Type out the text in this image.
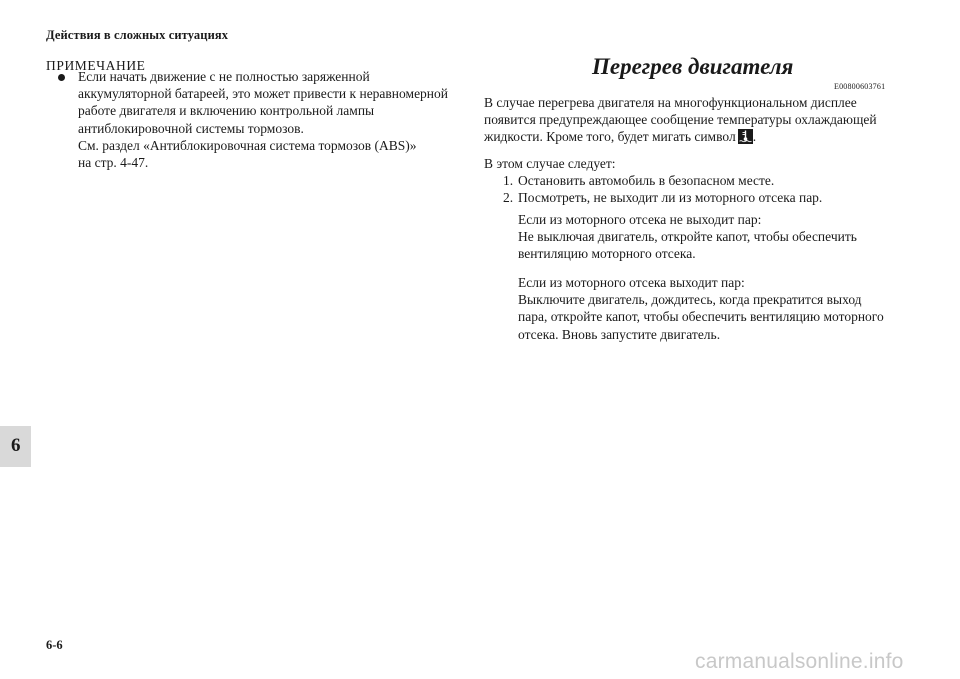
Действия в сложных ситуациях
6
ПРИМЕЧАНИЕ
Если начать движение с не полностью заряженной
аккумуляторной батареей, это может привести к неравномерной
работе двигателя и включению контрольной лампы
антиблокировочной системы тормозов.
См. раздел «Антиблокировочная система тормозов (ABS)»
на стр. 4-47.
Перегрев двигателя
E00800603761
В случае перегрева двигателя на многофункциональном дисплее
появится предупреждающее сообщение температуры охлаждающей
жидкости. Кроме того, будет мигать символ .
В этом случае следует:
1. Остановить автомобиль в безопасном месте.
2. Посмотреть, не выходит ли из моторного отсека пар.
Если из моторного отсека не выходит пар:
Не выключая двигатель, откройте капот, чтобы обеспечить
вентиляцию моторного отсека.
Если из моторного отсека выходит пар:
Выключите двигатель, дождитесь, когда прекратится выход
пара, откройте капот, чтобы обеспечить вентиляцию моторного
отсека. Вновь запустите двигатель.
6-6
carmanualsonline.info
